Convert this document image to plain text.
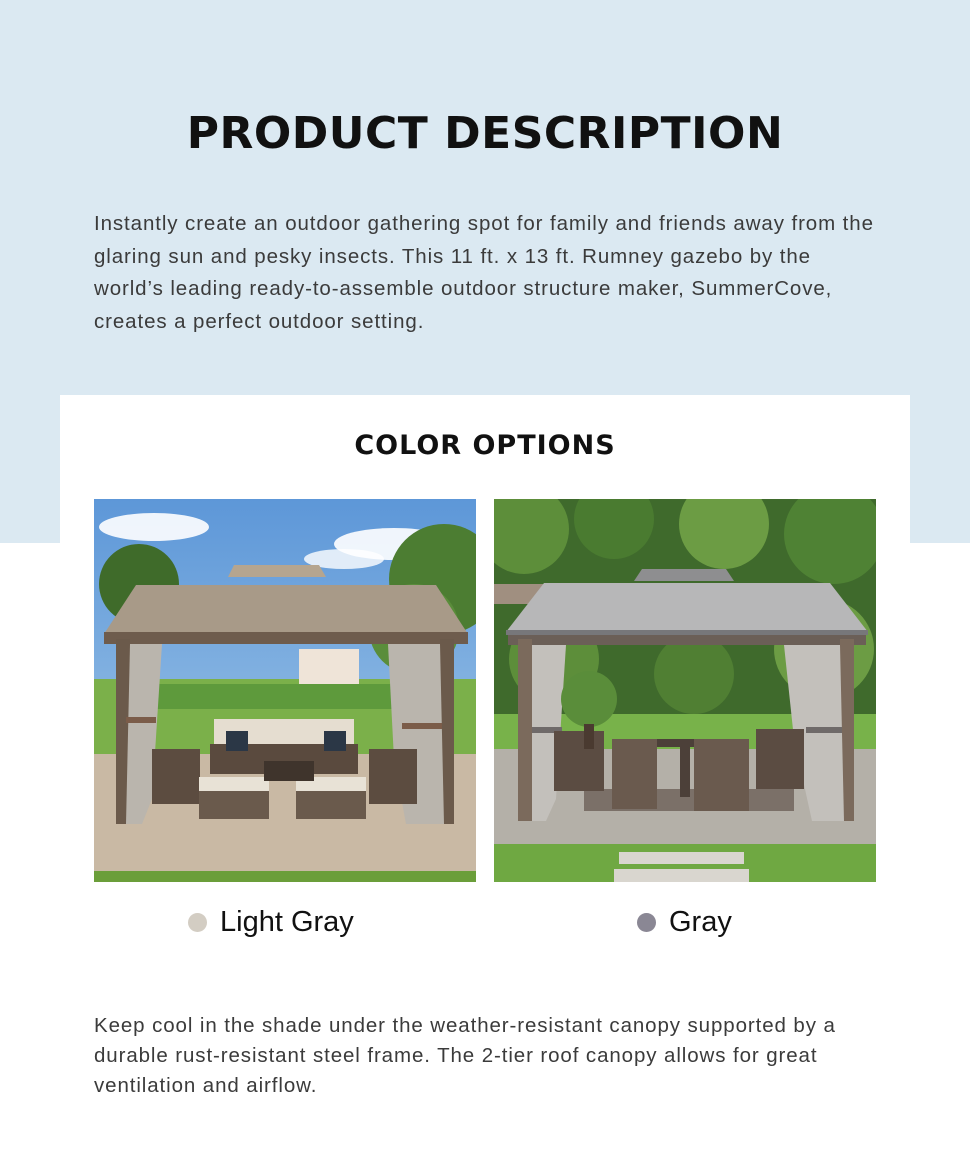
PRODUCT DESCRIPTION

Instantly create an outdoor gathering spot for family and friends away from the glaring sun and pesky insects. This 11 ft. x 13 ft. Rumney gazebo by the world’s leading ready-to-assemble outdoor structure maker, SummerCove, creates a perfect outdoor setting.

COLOR OPTIONS
Light Gray	Gray

Keep cool in the shade under the weather-resistant canopy supported by a durable rust-resistant steel frame. The 2-tier roof canopy allows for great ventilation and airflow.
